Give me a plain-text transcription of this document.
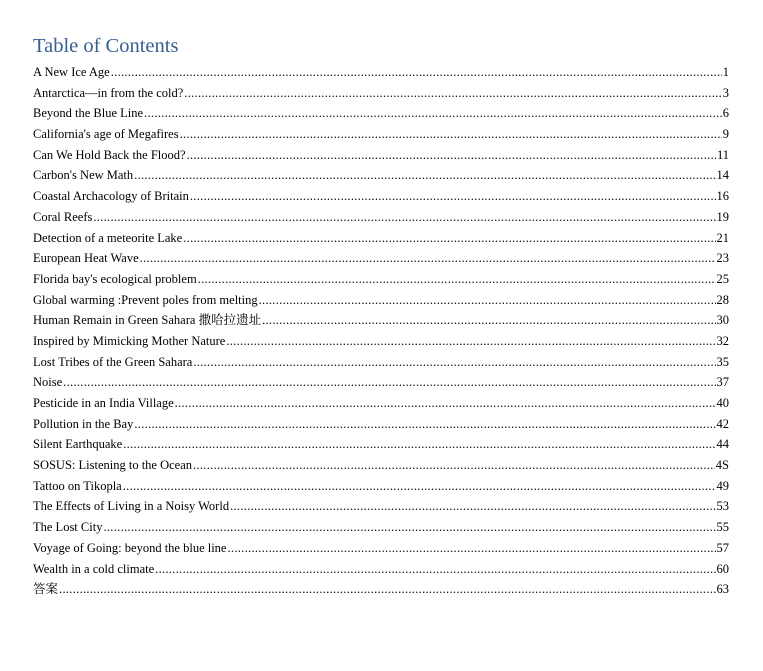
Table of Contents
A New Ice Age .....	1
Antarctica—in from the cold? .....	3
Beyond the Blue Line .....	6
California's age of Megafires .....	9
Can We Hold Back the Flood? .....	11
Carbon's New Math .....	14
Coastal Archacology of Britain .....	16
Coral Reefs .....	19
Detection of a meteorite Lake .....	21
European Heat Wave .....	23
Florida bay's ecological problem .....	25
Global warming :Prevent poles from melting .....	28
Human Remain in Green Sahara 撒哈拉遗址 .....	30
Inspired by Mimicking Mother Nature .....	32
Lost Tribes of the Green Sahara .....	35
Noise .....	37
Pesticide in an India Village .....	40
Pollution in the Bay .....	42
Silent Earthquake .....	44
SOSUS: Listening to the Ocean .....	4S
Tattoo on Tikopla .....	49
The Effects of Living in a Noisy World .....	53
The Lost City .....	55
Voyage of Going: beyond the blue line .....	57
Wealth in a cold climate .....	60
答案 .....	63
